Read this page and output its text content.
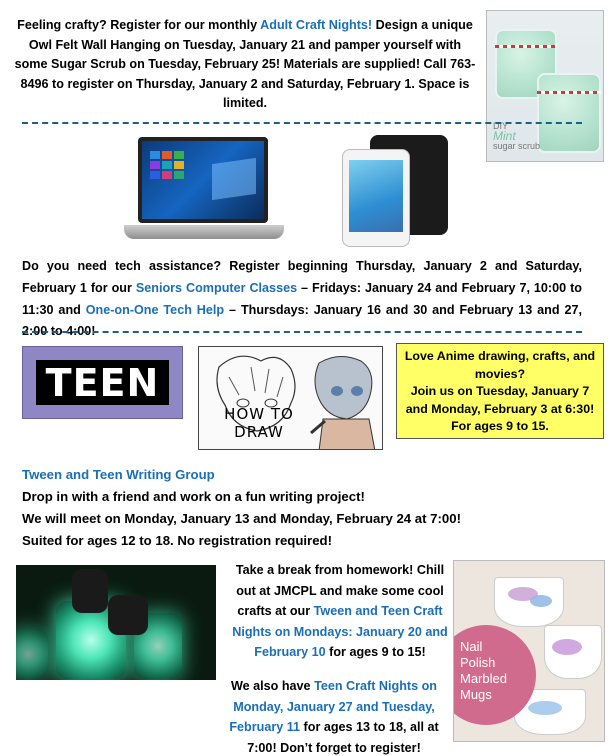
Feeling crafty? Register for our monthly Adult Craft Nights! Design a unique Owl Felt Wall Hanging on Tuesday, January 21 and pamper yourself with some Sugar Scrub on Tuesday, February 25! Materials are supplied! Call 763-8496 to register on Thursday, January 2 and Saturday, February 1. Space is limited.
DIY
Mint
sugar scrub
Do you need tech assistance? Register beginning Thursday, January 2 and Saturday, February 1 for our Seniors Computer Classes – Fridays: January 24 and February 7, 10:00 to 11:30 and One-on-One Tech Help – Thursdays: January 16 and 30 and February 13 and 27, 2:00 to 4:00!
TEEN
HOW TO DRAW
Love Anime drawing, crafts, and movies?
Join us on Tuesday, January 7 and Monday, February 3 at 6:30! For ages 9 to 15.
Tween and Teen Writing Group

Drop in with a friend and work on a fun writing project!

We will meet on Monday, January 13 and Monday, February 24 at 7:00!

Suited for ages 12 to 18. No registration required!

Take a break from homework! Chill out at JMCPL and make some cool crafts at our Tween and Teen Craft Nights on Mondays: January 20 and February 10 for ages 9 to 15!	Nail
Polish
Marbled
Mugs
We also have Teen Craft Nights on Monday, January 27 and Tuesday, February 11 for ages 13 to 18, all at 7:00! Don’t forget to register!
